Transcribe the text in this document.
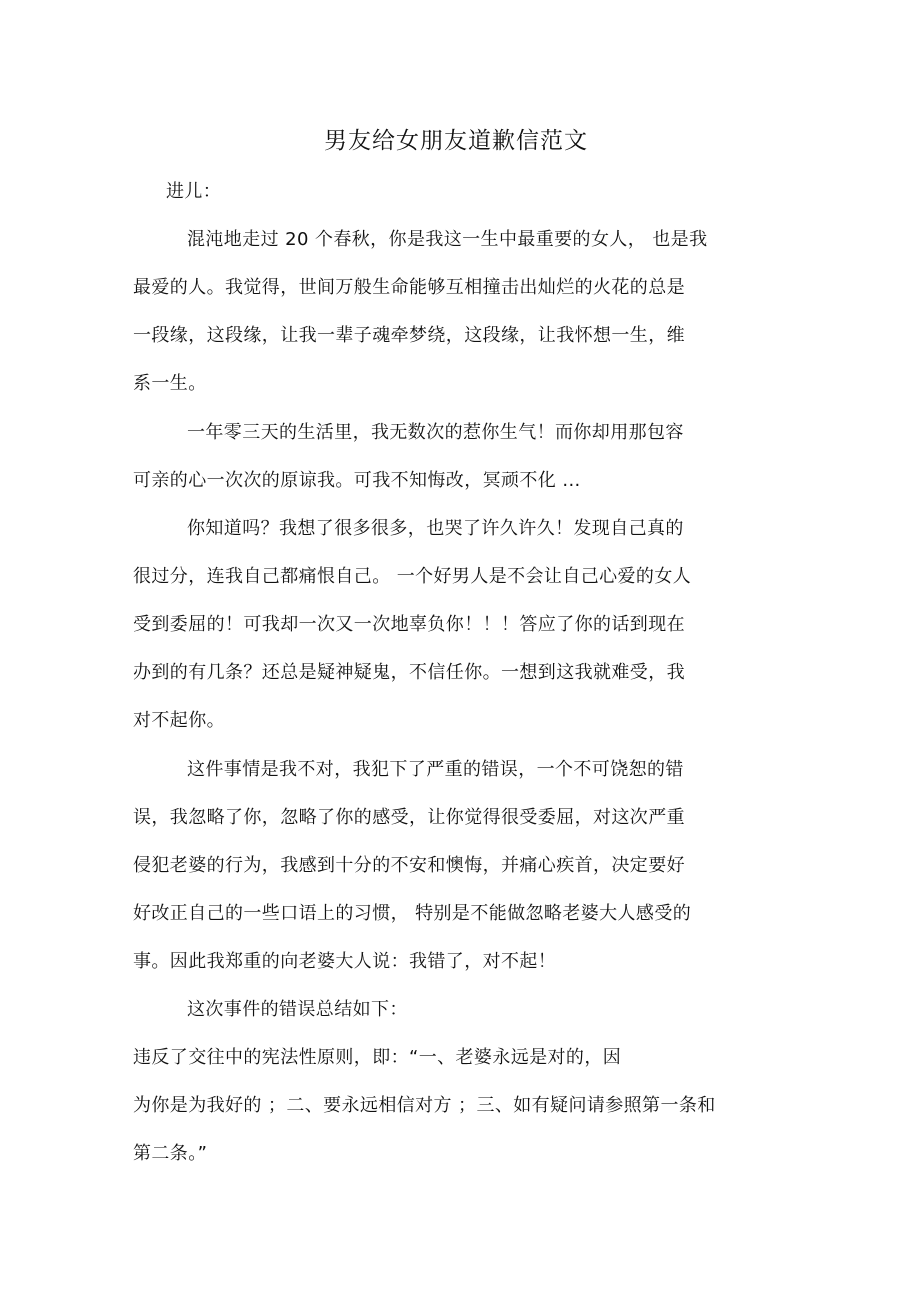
男友给女朋友道歉信范文
进儿：
混沌地走过 20 个春秋，你是我这一生中最重要的女人， 也是我
最爱的人。我觉得，世间万般生命能够互相撞击出灿烂的火花的总是
一段缘，这段缘，让我一辈子魂牵梦绕，这段缘，让我怀想一生，维
系一生。
一年零三天的生活里，我无数次的惹你生气！而你却用那包容
可亲的心一次次的原谅我。可我不知悔改，冥顽不化 ...
你知道吗？我想了很多很多，也哭了许久许久！发现自己真的
很过分，连我自己都痛恨自己。 一个好男人是不会让自己心爱的女人
受到委屈的！可我却一次又一次地辜负你！！！答应了你的话到现在
办到的有几条？还总是疑神疑鬼，不信任你。一想到这我就难受，我
对不起你。
这件事情是我不对，我犯下了严重的错误，一个不可饶恕的错
误，我忽略了你，忽略了你的感受，让你觉得很受委屈，对这次严重
侵犯老婆的行为，我感到十分的不安和懊悔，并痛心疾首，决定要好
好改正自己的一些口语上的习惯， 特别是不能做忽略老婆大人感受的
事。因此我郑重的向老婆大人说：我错了，对不起！
这次事件的错误总结如下：
违反了交往中的宪法性原则，即：“一、老婆永远是对的，因
为你是为我好的 ；二、要永远相信对方 ；三、如有疑问请参照第一条和
第二条。”
